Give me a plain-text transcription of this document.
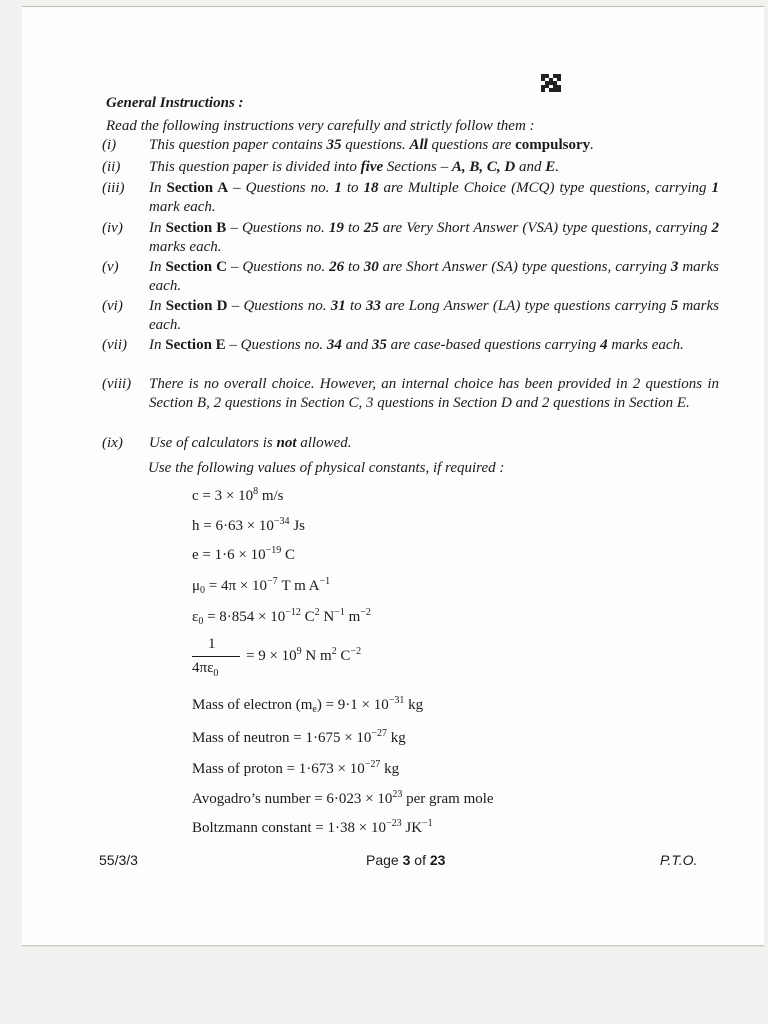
General Instructions :
Read the following instructions very carefully and strictly follow them :
(i)	This question paper contains 35 questions. All questions are compulsory.
(ii)	This question paper is divided into five Sections – A, B, C, D and E.
(iii)	In Section A – Questions no. 1 to 18 are Multiple Choice (MCQ) type questions, carrying 1 mark each.
(iv)	In Section B – Questions no. 19 to 25 are Very Short Answer (VSA) type questions, carrying 2 marks each.
(v)	In Section C – Questions no. 26 to 30 are Short Answer (SA) type questions, carrying 3 marks each.
(vi)	In Section D – Questions no. 31 to 33 are Long Answer (LA) type questions carrying 5 marks each.
(vii)	In Section E – Questions no. 34 and 35 are case-based questions carrying 4 marks each.
(viii)	There is no overall choice. However, an internal choice has been provided in 2 questions in Section B, 2 questions in Section C, 3 questions in Section D and 2 questions in Section E.
(ix)	Use of calculators is not allowed.
Use the following values of physical constants, if required :
$c = 3 \times 10^8$ m/s
$h = 6\cdot 63 \times 10^{-34}$ Js
$e = 1\cdot 6 \times 10^{-19}$ C
$\mu_0 = 4\pi \times 10^{-7}$ T m $A^{-1}$
$\varepsilon_0 = 8\cdot 854 \times 10^{-12}$ $C^2$ $N^{-1}$ $m^{-2}$
1
$4\pi\varepsilon_0$
= $9 \times 10^9$ N $m^2$ $C^{-2}$
Mass of electron $(m_e) = 9\cdot 1 \times 10^{-31}$ kg
Mass of neutron = $1\cdot 675 \times 10^{-27}$ kg
Mass of proton = $1\cdot 673 \times 10^{-27}$ kg
Avogadro’s number = $6\cdot 023 \times 10^{23}$ per gram mole
Boltzmann constant = $1\cdot 38 \times 10^{-23}$ $JK^{-1}$
55/3/3	Page 3 of 23	P.T.O.
